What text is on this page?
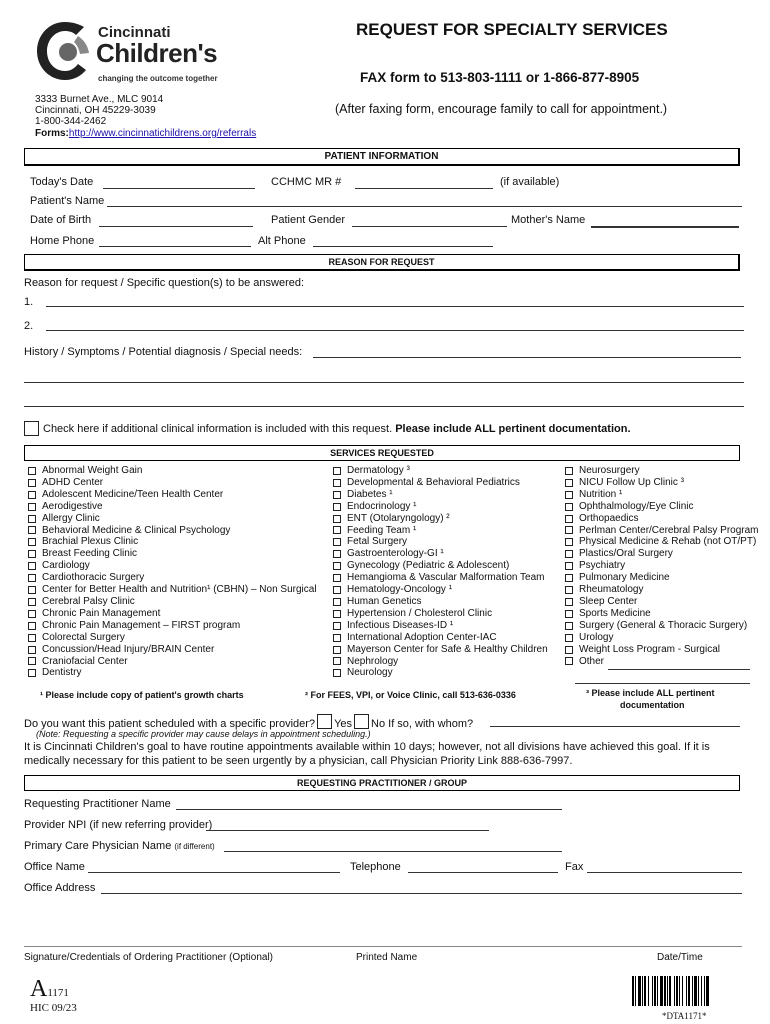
Cincinnati
Children's
changing the outcome together
REQUEST FOR SPECIALTY SERVICES
FAX form to 513-803-1111 or 1-866-877-8905
(After faxing form, encourage family to call for appointment.)
3333 Burnet Ave., MLC 9014
Cincinnati, OH 45229-3039
1-800-344-2462
Forms:http://www.cincinnatichildrens.org/referrals
PATIENT INFORMATION
Today's Date	CCHMC MR #	(if available)
Patient's Name
Date of Birth	Patient Gender	Mother's Name
Home Phone	Alt Phone
REASON FOR REQUEST
Reason for request / Specific question(s) to be answered:
1.
2.
History / Symptoms / Potential diagnosis / Special needs:
Check here if additional clinical information is included with this request.
Please include ALL pertinent documentation.
SERVICES REQUESTED
Abnormal Weight Gain
ADHD Center
Adolescent Medicine/Teen Health Center
Aerodigestive
Allergy Clinic
Behavioral Medicine & Clinical Psychology
Brachial Plexus Clinic
Breast Feeding Clinic
Cardiology
Cardiothoracic Surgery
Center for Better Health and Nutrition¹ (CBHN) – Non Surgical
Cerebral Palsy Clinic
Chronic Pain Management
Chronic Pain Management – FIRST program
Colorectal Surgery
Concussion/Head Injury/BRAIN Center
Craniofacial Center
Dentistry
Dermatology ³
Developmental & Behavioral Pediatrics
Diabetes ¹
Endocrinology ¹
ENT (Otolaryngology) ²
Feeding Team ¹
Fetal Surgery
Gastroenterology-GI ¹
Gynecology (Pediatric & Adolescent)
Hemangioma & Vascular Malformation Team
Hematology-Oncology ¹
Human Genetics
Hypertension / Cholesterol Clinic
Infectious Diseases-ID ¹
International Adoption Center-IAC
Mayerson Center for Safe & Healthy Children
Nephrology
Neurology
Neurosurgery
NICU Follow Up Clinic ³
Nutrition ¹
Ophthalmology/Eye Clinic
Orthopaedics
Perlman Center/Cerebral Palsy Program
Physical Medicine & Rehab (not OT/PT)
Plastics/Oral Surgery
Psychiatry
Pulmonary Medicine
Rheumatology
Sleep Center
Sports Medicine
Surgery (General & Thoracic Surgery)
Urology
Weight Loss Program - Surgical
Other
¹ Please include copy of patient's growth charts	² For FEES, VPI, or Voice Clinic, call 513-636-0336	³ Please include ALL pertinent
documentation
Do you want this patient scheduled with a specific provider? Yes No If so, with whom?
(Note: Requesting a specific provider may cause delays in appointment scheduling.)
It is Cincinnati Children's goal to have routine appointments available within 10 days; however, not all divisions have achieved this goal. If it is
medically necessary for this patient to be seen urgently by a physician, call Physician Priority Link 888-636-7997.
REQUESTING PRACTITIONER / GROUP
Requesting Practitioner Name
Provider NPI (if new referring provider)
Primary Care Physician Name (if different)
Office Name	Telephone	Fax
Office Address
Signature/Credentials of Ordering Practitioner (Optional)	Printed Name	Date/Time
A1171
HIC 09/23
*DTA1171*
